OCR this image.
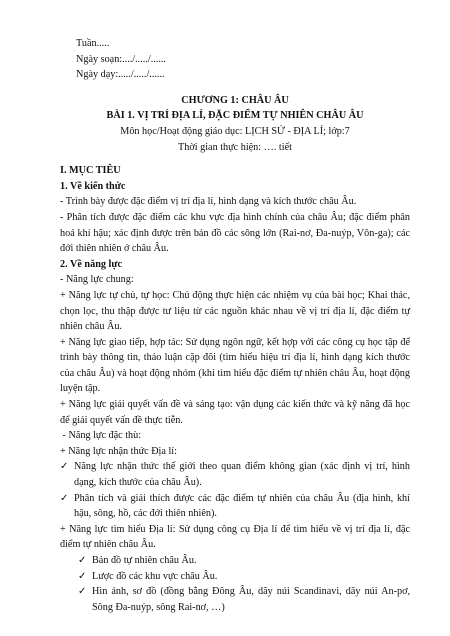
Tuần.....
Ngày soạn:..../...../......
Ngày dạy:...../...../......
CHƯƠNG 1: CHÂU ÂU
BÀI 1. VỊ TRÍ ĐỊA LÍ, ĐẶC ĐIỂM TỰ NHIÊN CHÂU ÂU
Môn học/Hoạt động giáo dục: LỊCH SỬ - ĐỊA LÍ; lớp:7
Thời gian thực hiện: …. tiết
I. MỤC TIÊU
1. Về kiến thức
- Trình bày được đặc điểm vị trí địa lí, hình dạng và kích thước châu Âu.
- Phân tích được đặc điểm các khu vực địa hình chính của châu Âu; đặc điểm phân hoá khí hậu; xác định được trên bản đồ các sông lớn (Rai-nơ, Đa-nuýp, Vôn-ga); các đới thiên nhiên ở châu Âu.
2. Về năng lực
- Năng lực chung:
+ Năng lực tự chủ, tự học: Chủ động thực hiện các nhiệm vụ của bài học; Khai thác, chọn lọc, thu thập được tư liệu từ các nguồn khác nhau về vị trí địa lí, đặc điểm tự nhiên châu Âu.
+ Năng lực giao tiếp, hợp tác: Sử dụng ngôn ngữ, kết hợp với các công cụ học tập để trình bày thông tin, thảo luận cặp đôi (tìm hiểu hiệu trí địa lí, hình dạng kích thước của châu Âu) và hoạt động nhóm (khi tìm hiểu đặc điểm tự nhiên châu Âu, hoạt động luyện tập.
+ Năng lực giải quyết vấn đề và sáng tạo: vận dụng các kiến thức và kỹ năng đã học để giải quyết vấn đề thực tiễn.
- Năng lực đặc thù:
+ Năng lực nhận thức Địa lí:
✓ Năng lực nhận thức thế giới theo quan điểm không gian (xác định vị trí, hình dạng, kích thước của châu Âu).
✓ Phân tích và giải thích được các đặc điểm tự nhiên của châu Âu (địa hình, khí hậu, sông, hồ, các đới thiên nhiên).
+ Năng lực tìm hiểu Địa lí: Sử dụng công cụ Địa lí để tìm hiểu về vị trí địa lí, đặc điểm tự nhiên châu Âu.
✓ Bản đồ tự nhiên châu Âu.
✓ Lược đồ các khu vực châu Âu.
✓ Hìn ảnh, sơ đồ (đồng bằng Đông Âu, dãy núi Scandinavi, dãy núi An-pơ, Sông Đa-nuýp, sông Rai-nơ, …)
